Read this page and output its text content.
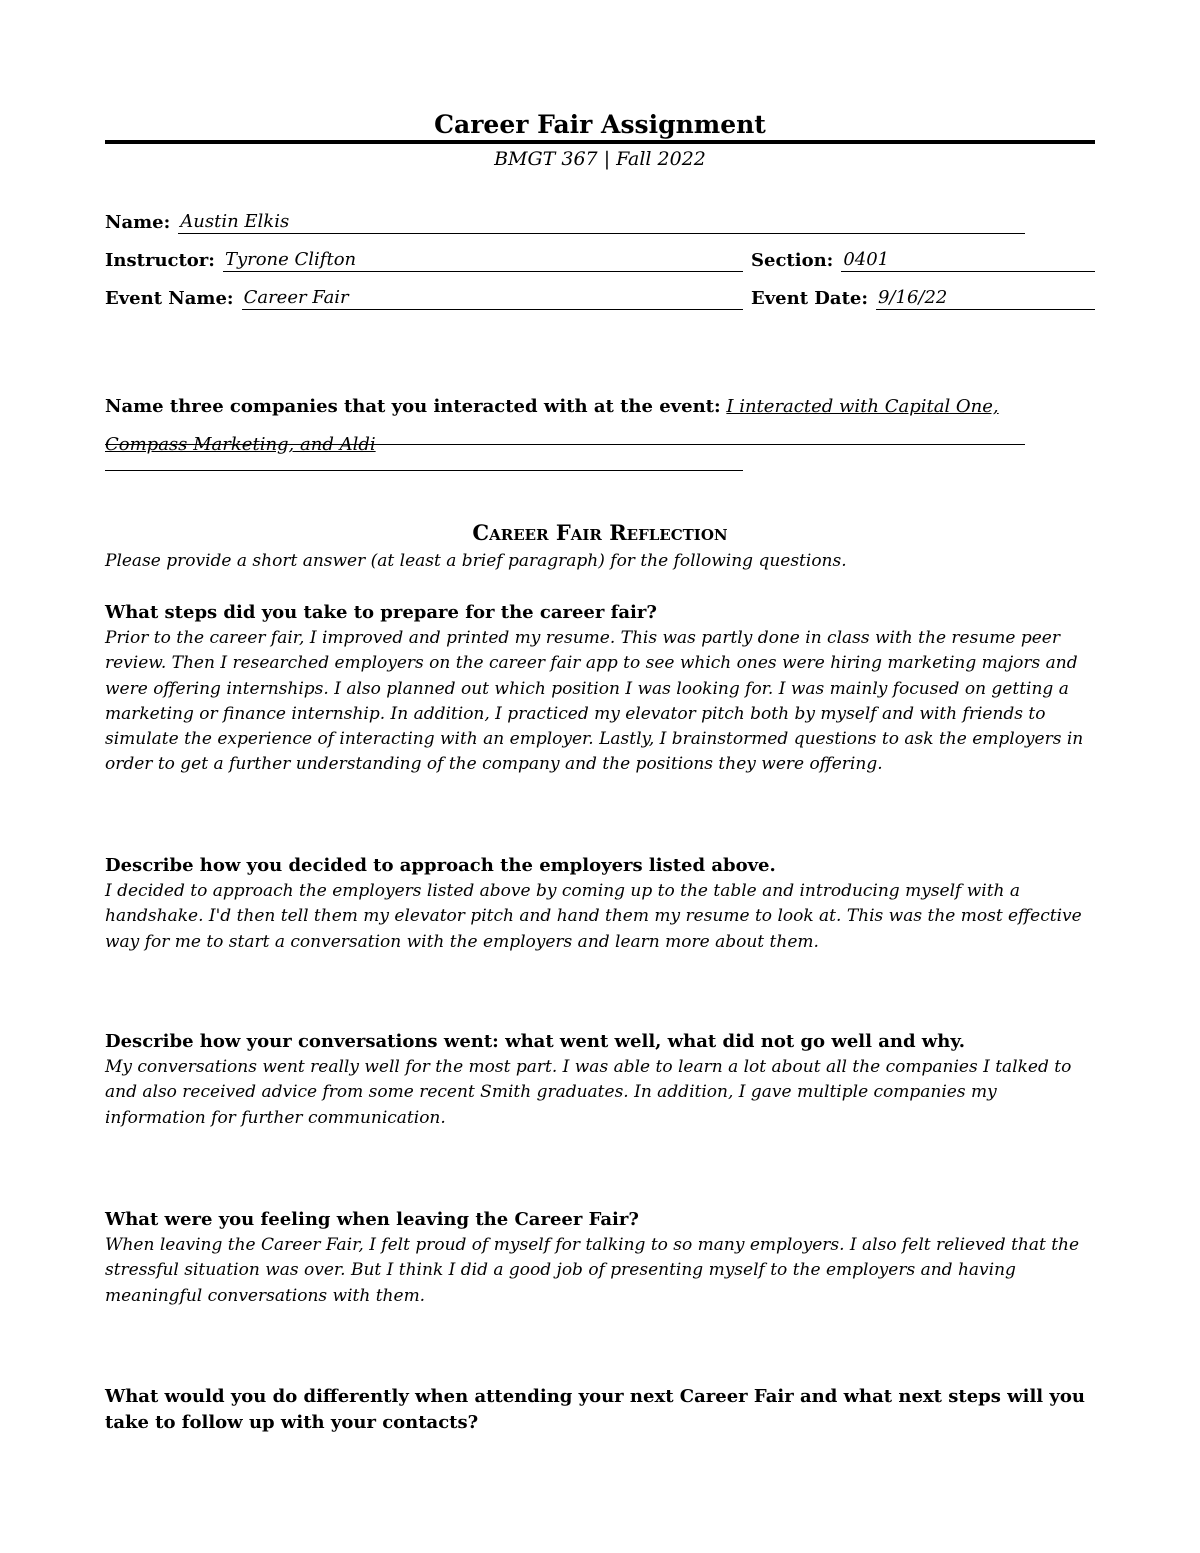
Career Fair Assignment
BMGT 367 | Fall 2022
Name: Austin Elkis
Instructor: Tyrone Clifton	Section: 0401
Event Name: Career Fair	Event Date: 9/16/22
Name three companies that you interacted with at the event: I interacted with Capital One, Compass Marketing, and Aldi
Career Fair Reflection
Please provide a short answer (at least a brief paragraph) for the following questions.
What steps did you take to prepare for the career fair?
Prior to the career fair, I improved and printed my resume. This was partly done in class with the resume peer review. Then I researched employers on the career fair app to see which ones were hiring marketing majors and were offering internships. I also planned out which position I was looking for. I was mainly focused on getting a marketing or finance internship. In addition, I practiced my elevator pitch both by myself and with friends to simulate the experience of interacting with an employer. Lastly, I brainstormed questions to ask the employers in order to get a further understanding of the company and the positions they were offering.
Describe how you decided to approach the employers listed above.
I decided to approach the employers listed above by coming up to the table and introducing myself with a handshake. I'd then tell them my elevator pitch and hand them my resume to look at. This was the most effective way for me to start a conversation with the employers and learn more about them.
Describe how your conversations went: what went well, what did not go well and why.
My conversations went really well for the most part. I was able to learn a lot about all the companies I talked to and also received advice from some recent Smith graduates. In addition, I gave multiple companies my information for further communication.
What were you feeling when leaving the Career Fair?
When leaving the Career Fair, I felt proud of myself for talking to so many employers. I also felt relieved that the stressful situation was over. But I think I did a good job of presenting myself to the employers and having meaningful conversations with them.
What would you do differently when attending your next Career Fair and what next steps will you take to follow up with your contacts?
